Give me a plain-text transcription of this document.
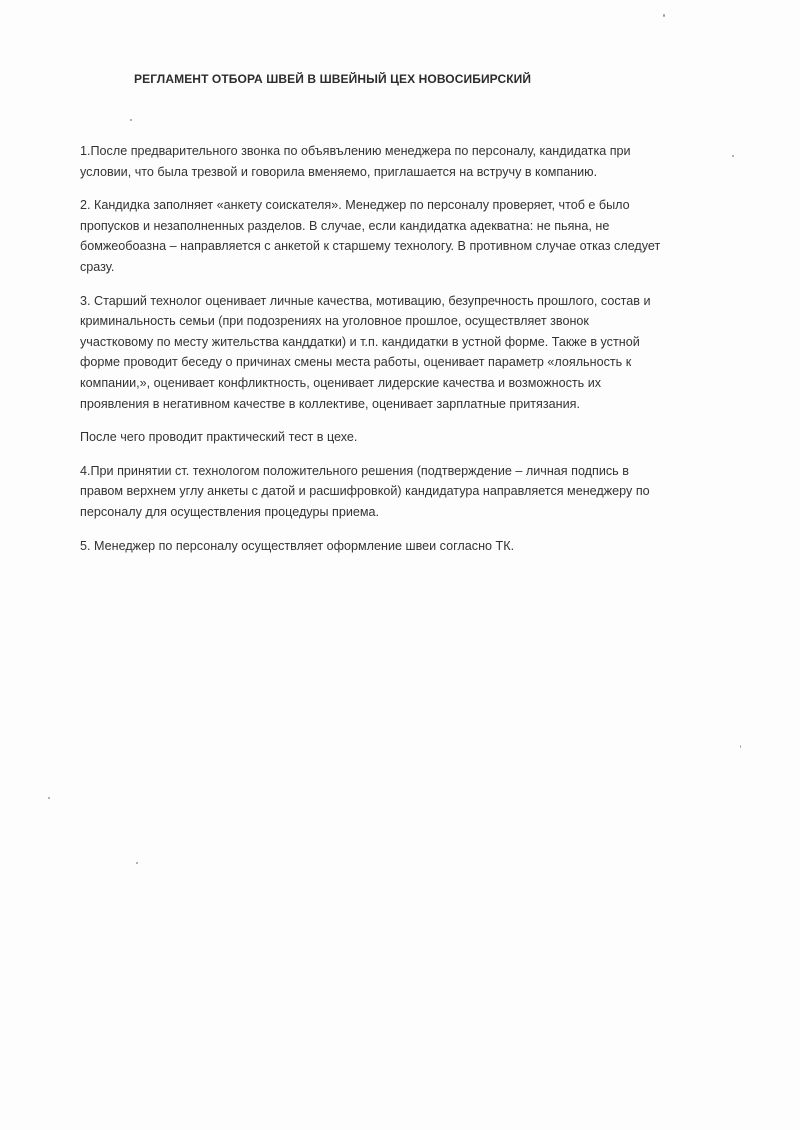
РЕГЛАМЕНТ ОТБОРА ШВЕЙ В ШВЕЙНЫЙ ЦЕХ НОВОСИБИРСКИЙ

1.После предварительного звонка по объявълению менеджера по персоналу, кандидатка при
условии, что была трезвой и говорила вменяемо, приглашается на встручу в компанию.

2. Кандидка заполняет «анкету соискателя». Менеджер по персоналу проверяет, чтоб е было
пропусков и незаполненных разделов. В случае, если кандидатка адекватна: не пьяна, не
бомжеобоазна – направляется с анкетой к старшему технологу. В противном случае отказ следует
сразу.

3. Старший технолог оценивает личные качества, мотивацию, безупречность прошлого, состав и
криминальность семьи (при подозрениях на уголовное прошлое, осуществляет звонок
участковому по месту жительства канддатки) и т.п. кандидатки в устной форме. Также в устной
форме проводит беседу о причинах смены места работы, оценивает параметр «лояльность к
компании,», оценивает конфликтность, оценивает лидерские качества и возможность их
проявления в негативном качестве в коллективе, оценивает зарплатные притязания.

После чего проводит практический тест в цехе.

4.При принятии ст. технологом положительного решения (подтверждение – личная подпись в
правом верхнем углу анкеты с датой и расшифровкой) кандидатура направляется менеджеру по
персоналу для осуществления процедуры приема.

5. Менеджер по персоналу осуществляет оформление швеи согласно ТК.
